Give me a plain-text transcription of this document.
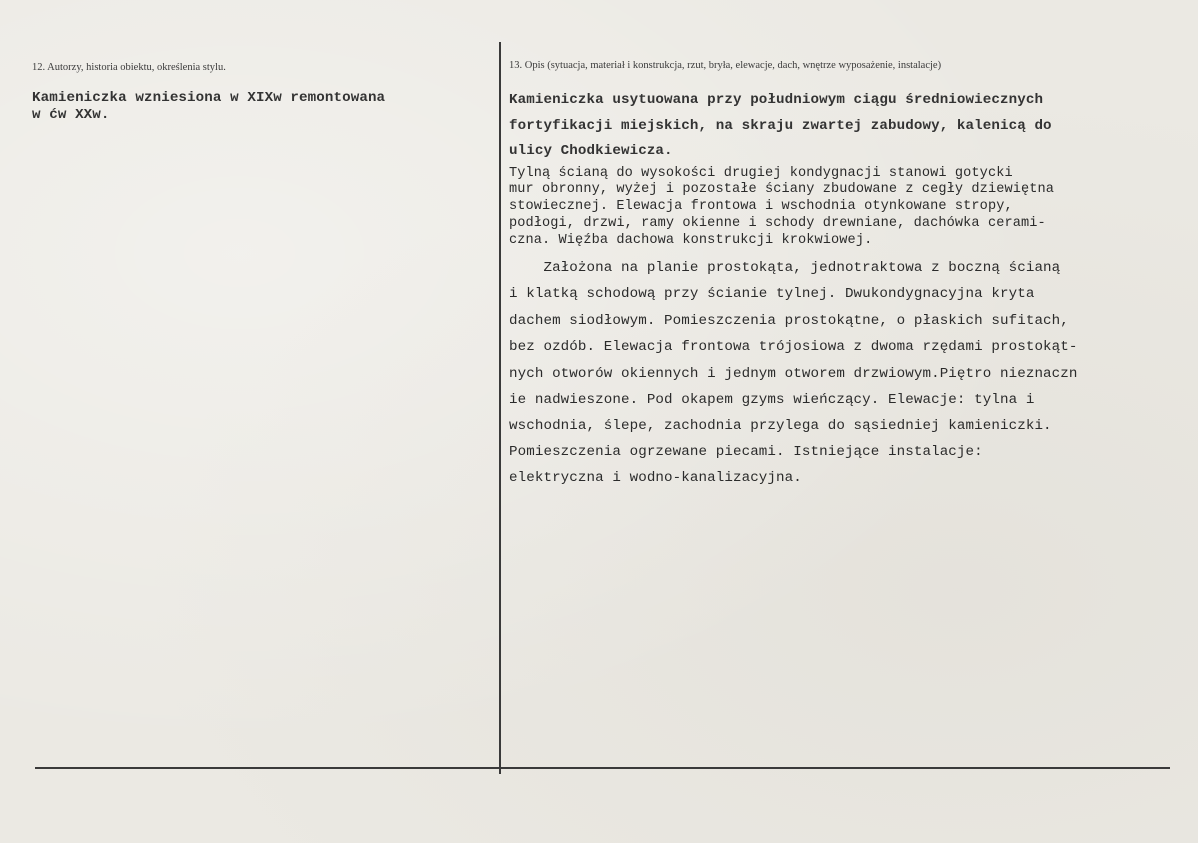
12. Autorzy, historia obiektu, określenia stylu.
Kamieniczka wzniesiona w XIXw remontowana
w ćw XXw.
13. Opis (sytuacja, materiał i konstrukcja, rzut, bryła, elewacje, dach, wnętrze wyposażenie, instalacje)
Kamieniczka usytuowana przy południowym ciągu średniowiecznych
fortyfikacji miejskich, na skraju zwartej zabudowy, kalenicą do
ulicy Chodkiewicza.
Tylną ścianą do wysokości drugiej kondygnacji stanowi gotycki
mur obronny, wyżej i pozostałe ściany zbudowane z cegły dziewiętna
stowiecznej. Elewacja frontowa i wschodnia otynkowane stropy,
podłogi, drzwi, ramy okienne i schody drewniane, dachówka cerami-
czna. Więźba dachowa konstrukcji krokwiowej.
Założona na planie prostokąta, jednotraktowa z boczną ścianą
i klatką schodową przy ścianie tylnej. Dwukondygnacyjna kryta
dachem siodłowym. Pomieszczenia prostokątne, o płaskich sufitach,
bez ozdób. Elewacja frontowa trójosiowa z dwoma rzędami prostokąt-
nych otworów okiennych i jednym otworem drzwiowym.Piętro nieznaczn
ie nadwieszone. Pod okapem gzyms wieńczący. Elewacje: tylna i
wschodnia, ślepe, zachodnia przylega do sąsiedniej kamieniczki.
Pomieszczenia ogrzewane piecami. Istniejące instalacje:
elektryczna i wodno-kanalizacyjna.
